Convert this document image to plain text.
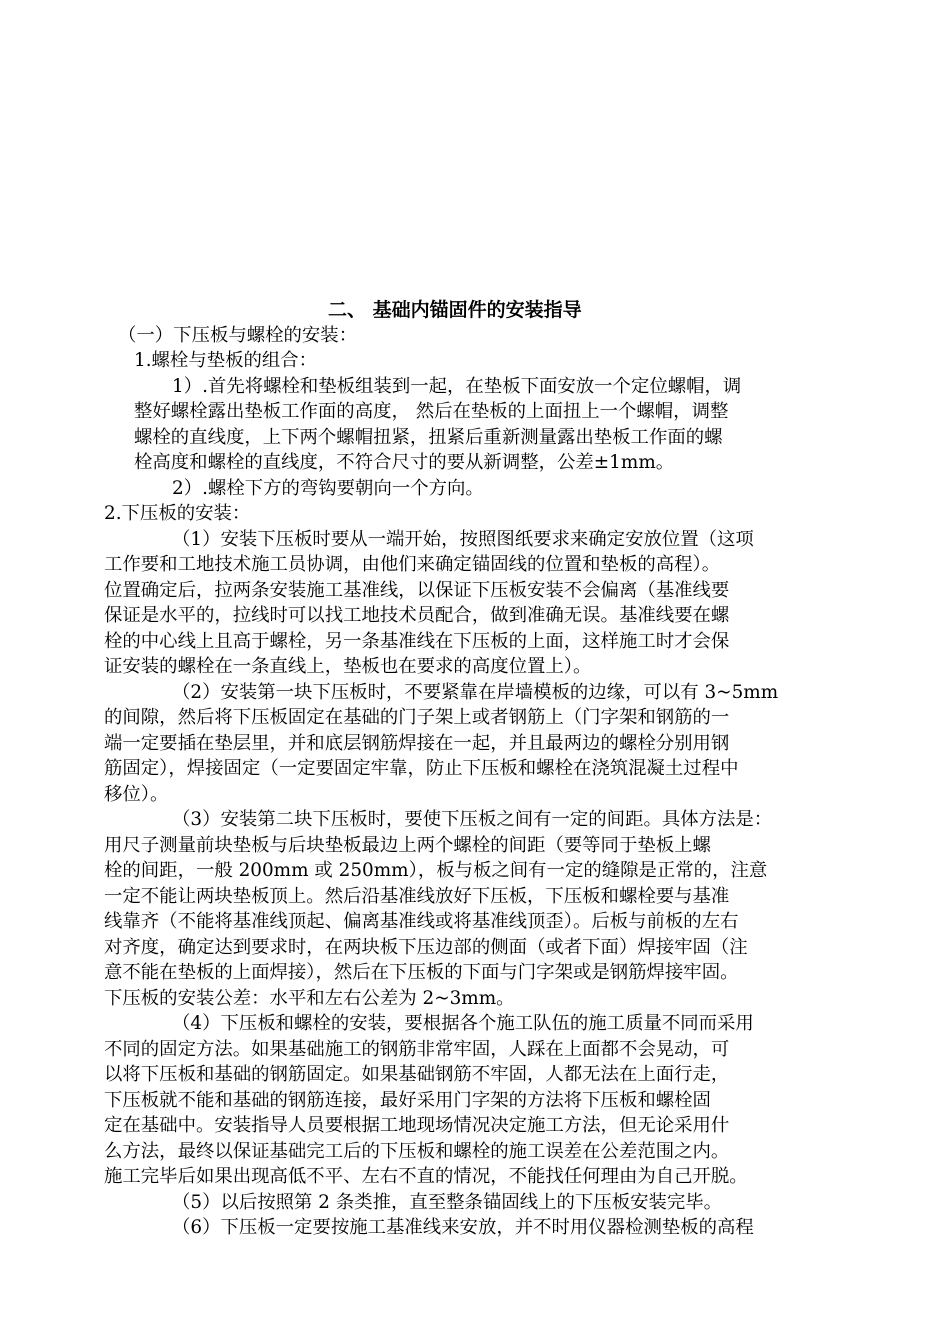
二、 基础内锚固件的安装指导
（一）下压板与螺栓的安装：
1.螺栓与垫板的组合：
1）.首先将螺栓和垫板组装到一起，在垫板下面安放一个定位螺帽，调
整好螺栓露出垫板工作面的高度， 然后在垫板的上面扭上一个螺帽，调整
螺栓的直线度，上下两个螺帽扭紧，扭紧后重新测量露出垫板工作面的螺
栓高度和螺栓的直线度，不符合尺寸的要从新调整，公差±1mm。
2）.螺栓下方的弯钩要朝向一个方向。
2.下压板的安装：
（1）安装下压板时要从一端开始，按照图纸要求来确定安放位置（这项
工作要和工地技术施工员协调，由他们来确定锚固线的位置和垫板的高程）。
位置确定后，拉两条安装施工基准线，以保证下压板安装不会偏离（基准线要
保证是水平的，拉线时可以找工地技术员配合，做到准确无误。基准线要在螺
栓的中心线上且高于螺栓，另一条基准线在下压板的上面，这样施工时才会保
证安装的螺栓在一条直线上，垫板也在要求的高度位置上）。
（2）安装第一块下压板时，不要紧靠在岸墙模板的边缘，可以有 3~5mm
的间隙，然后将下压板固定在基础的门子架上或者钢筋上（门字架和钢筋的一
端一定要插在垫层里，并和底层钢筋焊接在一起，并且最两边的螺栓分别用钢
筋固定），焊接固定（一定要固定牢靠，防止下压板和螺栓在浇筑混凝土过程中
移位）。
（3）安装第二块下压板时，要使下压板之间有一定的间距。具体方法是：
用尺子测量前块垫板与后块垫板最边上两个螺栓的间距（要等同于垫板上螺
栓的间距，一般 200mm 或 250mm），板与板之间有一定的缝隙是正常的，注意
一定不能让两块垫板顶上。然后沿基准线放好下压板，下压板和螺栓要与基准
线靠齐（不能将基准线顶起、偏离基准线或将基准线顶歪）。后板与前板的左右
对齐度，确定达到要求时，在两块板下压边部的侧面（或者下面）焊接牢固（注
意不能在垫板的上面焊接），然后在下压板的下面与门字架或是钢筋焊接牢固。
下压板的安装公差：水平和左右公差为 2~3mm。
（4）下压板和螺栓的安装，要根据各个施工队伍的施工质量不同而采用
不同的固定方法。如果基础施工的钢筋非常牢固，人踩在上面都不会晃动，可
以将下压板和基础的钢筋固定。如果基础钢筋不牢固，人都无法在上面行走，
下压板就不能和基础的钢筋连接，最好采用门字架的方法将下压板和螺栓固
定在基础中。安装指导人员要根据工地现场情况决定施工方法，但无论采用什
么方法，最终以保证基础完工后的下压板和螺栓的施工误差在公差范围之内。
施工完毕后如果出现高低不平、左右不直的情况，不能找任何理由为自己开脱。
（5）以后按照第 2 条类推，直至整条锚固线上的下压板安装完毕。
（6）下压板一定要按施工基准线来安放，并不时用仪器检测垫板的高程
